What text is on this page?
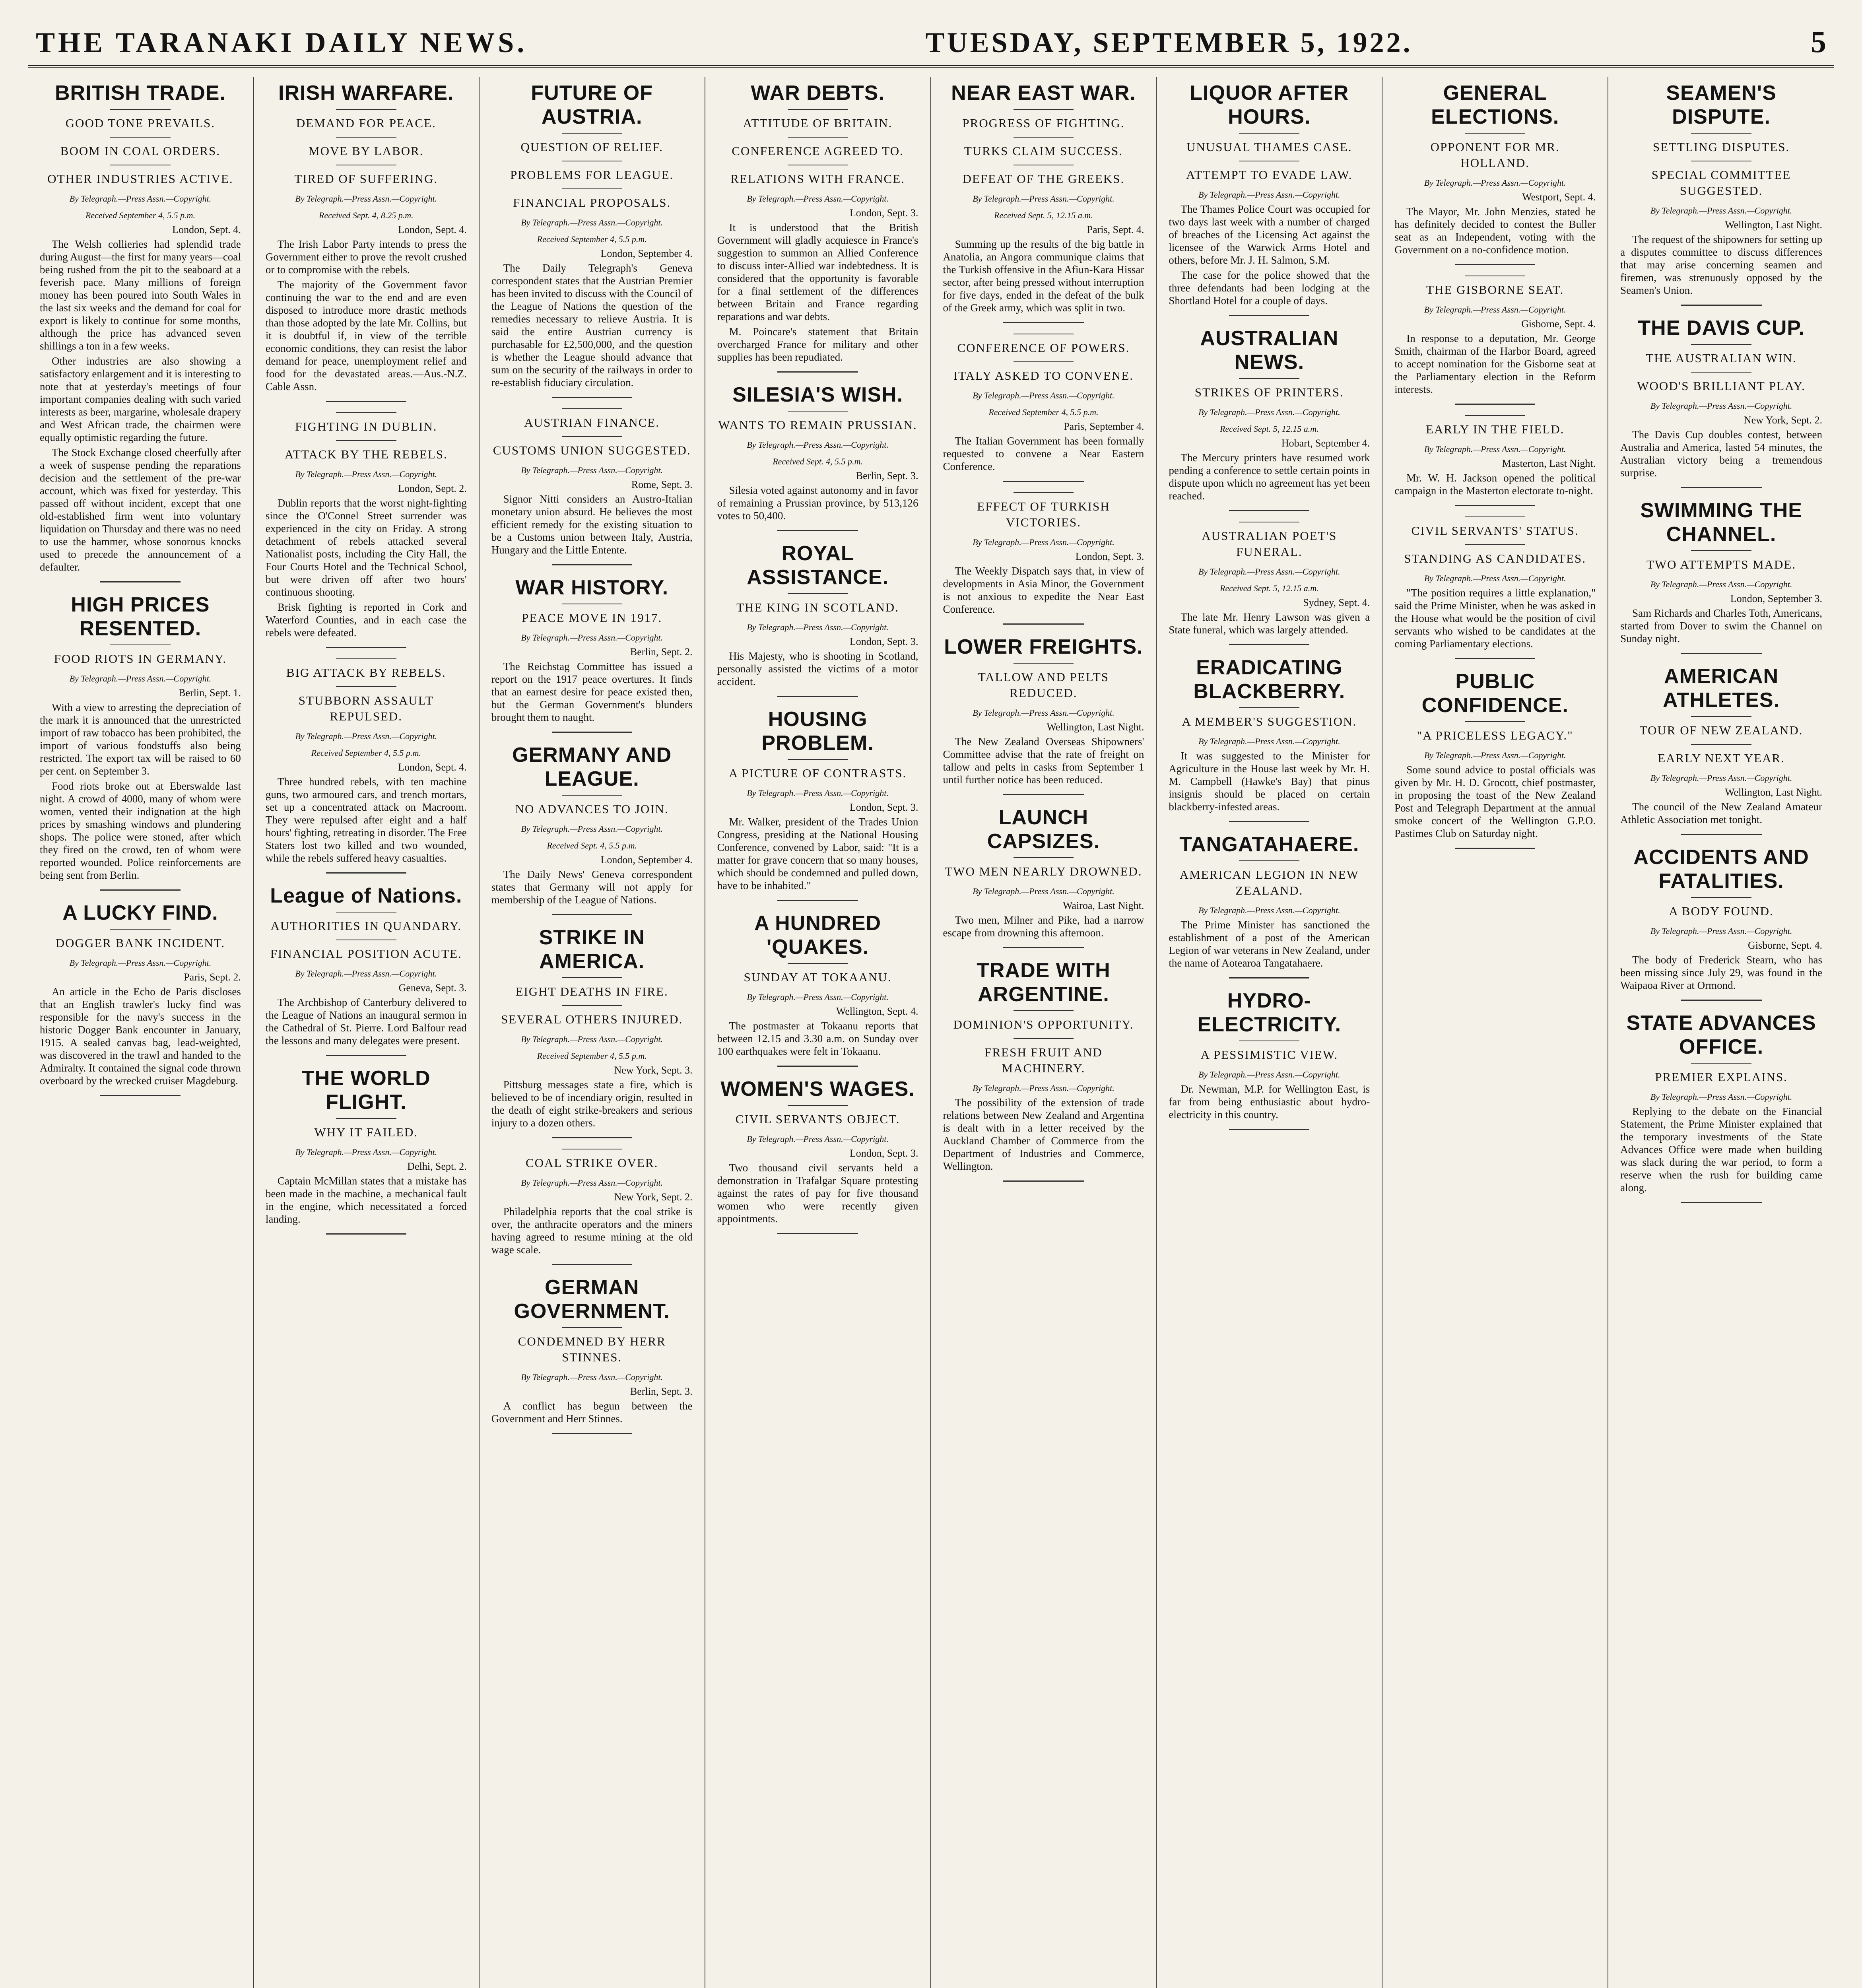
THE TARANAKI DAILY NEWS.	TUESDAY, SEPTEMBER 5, 1922.	5
BRITISH TRADE.
GOOD TONE PREVAILS.
BOOM IN COAL ORDERS.
OTHER INDUSTRIES ACTIVE.
By Telegraph.—Press Assn.—Copyright.
Received September 4, 5.5 p.m.
London, Sept. 4.

The Welsh collieries had splendid trade during August—the first for many years—coal being rushed from the pit to the seaboard at a feverish pace. Many millions of foreign money has been poured into South Wales in the last six weeks and the demand for coal for export is likely to continue for some months, although the price has advanced seven shillings a ton in a few weeks.

Other industries are also showing a satisfactory enlargement and it is interesting to note that at yesterday's meetings of four important companies dealing with such varied interests as beer, margarine, wholesale drapery and West African trade, the chairmen were equally optimistic regarding the future.

The Stock Exchange closed cheerfully after a week of suspense pending the reparations decision and the settlement of the pre-war account, which was fixed for yesterday. This passed off without incident, except that one old-established firm went into voluntary liquidation on Thursday and there was no need to use the hammer, whose sonorous knocks used to precede the announcement of a defaulter.

HIGH PRICES RESENTED.
FOOD RIOTS IN GERMANY.
By Telegraph.—Press Assn.—Copyright.
Berlin, Sept. 1.

With a view to arresting the depreciation of the mark it is announced that the unrestricted import of raw tobacco has been prohibited, the import of various foodstuffs also being restricted. The export tax will be raised to 60 per cent. on September 3.

Food riots broke out at Eberswalde last night. A crowd of 4000, many of whom were women, vented their indignation at the high prices by smashing windows and plundering shops. The police were stoned, after which they fired on the crowd, ten of whom were reported wounded. Police reinforcements are being sent from Berlin.

A LUCKY FIND.
DOGGER BANK INCIDENT.
By Telegraph.—Press Assn.—Copyright.
Paris, Sept. 2.

An article in the Echo de Paris discloses that an English trawler's lucky find was responsible for the navy's success in the historic Dogger Bank encounter in January, 1915. A sealed canvas bag, lead-weighted, was discovered in the trawl and handed to the Admiralty. It contained the signal code thrown overboard by the wrecked cruiser Magdeburg.

IRISH WARFARE.
DEMAND FOR PEACE.
MOVE BY LABOR.
TIRED OF SUFFERING.
By Telegraph.—Press Assn.—Copyright.
Received Sept. 4, 8.25 p.m.
London, Sept. 4.

The Irish Labor Party intends to press the Government either to prove the revolt crushed or to compromise with the rebels.

The majority of the Government favor continuing the war to the end and are even disposed to introduce more drastic methods than those adopted by the late Mr. Collins, but it is doubtful if, in view of the terrible economic conditions, they can resist the labor demand for peace, unemployment relief and food for the devastated areas.—Aus.-N.Z. Cable Assn.

FIGHTING IN DUBLIN.
ATTACK BY THE REBELS.
By Telegraph.—Press Assn.—Copyright.
London, Sept. 2.

Dublin reports that the worst night-fighting since the O'Connel Street surrender was experienced in the city on Friday. A strong detachment of rebels attacked several Nationalist posts, including the City Hall, the Four Courts Hotel and the Technical School, but were driven off after two hours' continuous shooting.

Brisk fighting is reported in Cork and Waterford Counties, and in each case the rebels were defeated.

BIG ATTACK BY REBELS.
STUBBORN ASSAULT REPULSED.
By Telegraph.—Press Assn.—Copyright.
Received September 4, 5.5 p.m.
London, Sept. 4.

Three hundred rebels, with ten machine guns, two armoured cars, and trench mortars, set up a concentrated attack on Macroom. They were repulsed after eight and a half hours' fighting, retreating in disorder. The Free Staters lost two killed and two wounded, while the rebels suffered heavy casualties.

League of Nations.
AUTHORITIES IN QUANDARY.
FINANCIAL POSITION ACUTE.
By Telegraph.—Press Assn.—Copyright.
Geneva, Sept. 3.

The Archbishop of Canterbury delivered to the League of Nations an inaugural sermon in the Cathedral of St. Pierre. Lord Balfour read the lessons and many delegates were present.

THE WORLD FLIGHT.
WHY IT FAILED.
By Telegraph.—Press Assn.—Copyright.
Delhi, Sept. 2.

Captain McMillan states that a mistake has been made in the machine, a mechanical fault in the engine, which necessitated a forced landing.

FUTURE OF AUSTRIA.
QUESTION OF RELIEF.
PROBLEMS FOR LEAGUE.
FINANCIAL PROPOSALS.
By Telegraph.—Press Assn.—Copyright.
Received September 4, 5.5 p.m.
London, September 4.

The Daily Telegraph's Geneva correspondent states that the Austrian Premier has been invited to discuss with the Council of the League of Nations the question of the remedies necessary to relieve Austria. It is said the entire Austrian currency is purchasable for £2,500,000, and the question is whether the League should advance that sum on the security of the railways in order to re-establish fiduciary circulation.

AUSTRIAN FINANCE.
CUSTOMS UNION SUGGESTED.
By Telegraph.—Press Assn.—Copyright.
Rome, Sept. 3.

Signor Nitti considers an Austro-Italian monetary union absurd. He believes the most efficient remedy for the existing situation to be a Customs union between Italy, Austria, Hungary and the Little Entente.

WAR HISTORY.
PEACE MOVE IN 1917.
By Telegraph.—Press Assn.—Copyright.
Berlin, Sept. 2.

The Reichstag Committee has issued a report on the 1917 peace overtures. It finds that an earnest desire for peace existed then, but the German Government's blunders brought them to naught.

GERMANY AND LEAGUE.
NO ADVANCES TO JOIN.
By Telegraph.—Press Assn.—Copyright.
Received Sept. 4, 5.5 p.m.
London, September 4.

The Daily News' Geneva correspondent states that Germany will not apply for membership of the League of Nations.

STRIKE IN AMERICA.
EIGHT DEATHS IN FIRE.
SEVERAL OTHERS INJURED.
By Telegraph.—Press Assn.—Copyright.
Received September 4, 5.5 p.m.
New York, Sept. 3.

Pittsburg messages state a fire, which is believed to be of incendiary origin, resulted in the death of eight strike-breakers and serious injury to a dozen others.

COAL STRIKE OVER.
By Telegraph.—Press Assn.—Copyright.
New York, Sept. 2.

Philadelphia reports that the coal strike is over, the anthracite operators and the miners having agreed to resume mining at the old wage scale.

GERMAN GOVERNMENT.
CONDEMNED BY HERR STINNES.
By Telegraph.—Press Assn.—Copyright.
Berlin, Sept. 3.

A conflict has begun between the Government and Herr Stinnes.

WAR DEBTS.
ATTITUDE OF BRITAIN.
CONFERENCE AGREED TO.
RELATIONS WITH FRANCE.
By Telegraph.—Press Assn.—Copyright.
London, Sept. 3.

It is understood that the British Government will gladly acquiesce in France's suggestion to summon an Allied Conference to discuss inter-Allied war indebtedness. It is considered that the opportunity is favorable for a final settlement of the differences between Britain and France regarding reparations and war debts.

M. Poincare's statement that Britain overcharged France for military and other supplies has been repudiated.

SILESIA'S WISH.
WANTS TO REMAIN PRUSSIAN.
By Telegraph.—Press Assn.—Copyright.
Received Sept. 4, 5.5 p.m.
Berlin, Sept. 3.

Silesia voted against autonomy and in favor of remaining a Prussian province, by 513,126 votes to 50,400.

ROYAL ASSISTANCE.
THE KING IN SCOTLAND.
By Telegraph.—Press Assn.—Copyright.
London, Sept. 3.

His Majesty, who is shooting in Scotland, personally assisted the victims of a motor accident.

HOUSING PROBLEM.
A PICTURE OF CONTRASTS.
By Telegraph.—Press Assn.—Copyright.
London, Sept. 3.

Mr. Walker, president of the Trades Union Congress, presiding at the National Housing Conference, convened by Labor, said: "It is a matter for grave concern that so many houses, which should be condemned and pulled down, have to be inhabited."

A HUNDRED 'QUAKES.
SUNDAY AT TOKAANU.
By Telegraph.—Press Assn.—Copyright.
Wellington, Sept. 4.

The postmaster at Tokaanu reports that between 12.15 and 3.30 a.m. on Sunday over 100 earthquakes were felt in Tokaanu.

WOMEN'S WAGES.
CIVIL SERVANTS OBJECT.
By Telegraph.—Press Assn.—Copyright.
London, Sept. 3.

Two thousand civil servants held a demonstration in Trafalgar Square protesting against the rates of pay for five thousand women who were recently given appointments.

NEAR EAST WAR.
PROGRESS OF FIGHTING.
TURKS CLAIM SUCCESS.
DEFEAT OF THE GREEKS.
By Telegraph.—Press Assn.—Copyright.
Received Sept. 5, 12.15 a.m.
Paris, Sept. 4.

Summing up the results of the big battle in Anatolia, an Angora communique claims that the Turkish offensive in the Afiun-Kara Hissar sector, after being pressed without interruption for five days, ended in the defeat of the bulk of the Greek army, which was split in two.

CONFERENCE OF POWERS.
ITALY ASKED TO CONVENE.
By Telegraph.—Press Assn.—Copyright.
Received September 4, 5.5 p.m.
Paris, September 4.

The Italian Government has been formally requested to convene a Near Eastern Conference.

EFFECT OF TURKISH VICTORIES.
By Telegraph.—Press Assn.—Copyright.
London, Sept. 3.

The Weekly Dispatch says that, in view of developments in Asia Minor, the Government is not anxious to expedite the Near East Conference.

LOWER FREIGHTS.
TALLOW AND PELTS REDUCED.
By Telegraph.—Press Assn.—Copyright.
Wellington, Last Night.

The New Zealand Overseas Shipowners' Committee advise that the rate of freight on tallow and pelts in casks from September 1 until further notice has been reduced.

LAUNCH CAPSIZES.
TWO MEN NEARLY DROWNED.
By Telegraph.—Press Assn.—Copyright.
Wairoa, Last Night.

Two men, Milner and Pike, had a narrow escape from drowning this afternoon.

TRADE WITH ARGENTINE.
DOMINION'S OPPORTUNITY.
FRESH FRUIT AND MACHINERY.
By Telegraph.—Press Assn.—Copyright.

The possibility of the extension of trade relations between New Zealand and Argentina is dealt with in a letter received by the Auckland Chamber of Commerce from the Department of Industries and Commerce, Wellington.

LIQUOR AFTER HOURS.
UNUSUAL THAMES CASE.
ATTEMPT TO EVADE LAW.
By Telegraph.—Press Assn.—Copyright.

The Thames Police Court was occupied for two days last week with a number of charged of breaches of the Licensing Act against the licensee of the Warwick Arms Hotel and others, before Mr. J. H. Salmon, S.M.

The case for the police showed that the three defendants had been lodging at the Shortland Hotel for a couple of days.

AUSTRALIAN NEWS.
STRIKES OF PRINTERS.
By Telegraph.—Press Assn.—Copyright.
Received Sept. 5, 12.15 a.m.
Hobart, September 4.

The Mercury printers have resumed work pending a conference to settle certain points in dispute upon which no agreement has yet been reached.

AUSTRALIAN POET'S FUNERAL.
By Telegraph.—Press Assn.—Copyright.
Received Sept. 5, 12.15 a.m.
Sydney, Sept. 4.

The late Mr. Henry Lawson was given a State funeral, which was largely attended.

ERADICATING BLACKBERRY.
A MEMBER'S SUGGESTION.
By Telegraph.—Press Assn.—Copyright.

It was suggested to the Minister for Agriculture in the House last week by Mr. H. M. Campbell (Hawke's Bay) that pinus insignis should be placed on certain blackberry-infested areas.

TANGATAHAERE.
AMERICAN LEGION IN NEW ZEALAND.
By Telegraph.—Press Assn.—Copyright.

The Prime Minister has sanctioned the establishment of a post of the American Legion of war veterans in New Zealand, under the name of Aotearoa Tangatahaere.

HYDRO-ELECTRICITY.
A PESSIMISTIC VIEW.
By Telegraph.—Press Assn.—Copyright.

Dr. Newman, M.P. for Wellington East, is far from being enthusiastic about hydro-electricity in this country.

GENERAL ELECTIONS.
OPPONENT FOR MR. HOLLAND.
By Telegraph.—Press Assn.—Copyright.
Westport, Sept. 4.

The Mayor, Mr. John Menzies, stated he has definitely decided to contest the Buller seat as an Independent, voting with the Government on a no-confidence motion.

THE GISBORNE SEAT.
By Telegraph.—Press Assn.—Copyright.
Gisborne, Sept. 4.

In response to a deputation, Mr. George Smith, chairman of the Harbor Board, agreed to accept nomination for the Gisborne seat at the Parliamentary election in the Reform interests.

EARLY IN THE FIELD.
By Telegraph.—Press Assn.—Copyright.
Masterton, Last Night.

Mr. W. H. Jackson opened the political campaign in the Masterton electorate to-night.

CIVIL SERVANTS' STATUS.
STANDING AS CANDIDATES.
By Telegraph.—Press Assn.—Copyright.

"The position requires a little explanation," said the Prime Minister, when he was asked in the House what would be the position of civil servants who wished to be candidates at the coming Parliamentary elections.

PUBLIC CONFIDENCE.
"A PRICELESS LEGACY."
By Telegraph.—Press Assn.—Copyright.

Some sound advice to postal officials was given by Mr. H. D. Grocott, chief postmaster, in proposing the toast of the New Zealand Post and Telegraph Department at the annual smoke concert of the Wellington G.P.O. Pastimes Club on Saturday night.

SEAMEN'S DISPUTE.
SETTLING DISPUTES.
SPECIAL COMMITTEE SUGGESTED.
By Telegraph.—Press Assn.—Copyright.
Wellington, Last Night.

The request of the shipowners for setting up a disputes committee to discuss differences that may arise concerning seamen and firemen, was strenuously opposed by the Seamen's Union.

THE DAVIS CUP.
THE AUSTRALIAN WIN.
WOOD'S BRILLIANT PLAY.
By Telegraph.—Press Assn.—Copyright.
New York, Sept. 2.

The Davis Cup doubles contest, between Australia and America, lasted 54 minutes, the Australian victory being a tremendous surprise.

SWIMMING THE CHANNEL.
TWO ATTEMPTS MADE.
By Telegraph.—Press Assn.—Copyright.
London, September 3.

Sam Richards and Charles Toth, Americans, started from Dover to swim the Channel on Sunday night.

AMERICAN ATHLETES.
TOUR OF NEW ZEALAND.
EARLY NEXT YEAR.
By Telegraph.—Press Assn.—Copyright.
Wellington, Last Night.

The council of the New Zealand Amateur Athletic Association met tonight.

ACCIDENTS AND FATALITIES.
A BODY FOUND.
By Telegraph.—Press Assn.—Copyright.
Gisborne, Sept. 4.

The body of Frederick Stearn, who has been missing since July 29, was found in the Waipaoa River at Ormond.

STATE ADVANCES OFFICE.
PREMIER EXPLAINS.
By Telegraph.—Press Assn.—Copyright.

Replying to the debate on the Financial Statement, the Prime Minister explained that the temporary investments of the State Advances Office were made when building was slack during the war period, to form a reserve when the rush for building came along.
